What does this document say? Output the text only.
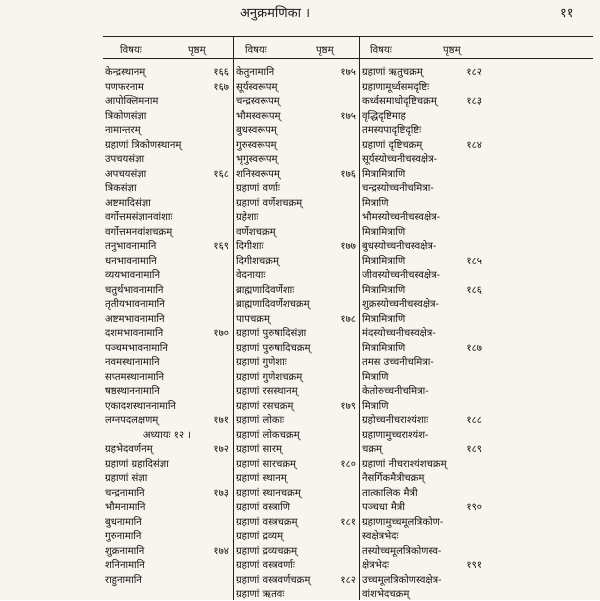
अनुक्रमणिका ।	११
विषयः	पृष्ठम्	विषयः	पृष्ठम्	विषयः	पृष्ठम्
केन्द्रस्थानम्	१६६
पणफरनाम	१६७
आपोक्लिमनाम
त्रिकोणसंज्ञा
नामान्तरम्
ग्रहाणां त्रिकोणस्थानम्
उपचयसंज्ञा
अपचयसंज्ञा	१६८
त्रिकसंज्ञा
अष्टमादिसंज्ञा
वर्गोत्तमसंज्ञानवांशाः
वर्गोत्तमनवांशचक्रम्
तनुभावनामानि	१६९
धनभावनामानि
व्ययभावनामानि
चतुर्थभावनामानि
तृतीयभावनामानि
अष्टमभावनामानि
दशमभावनामानि	१७०
पञ्चमभावनामानि
नवमस्थानामानि
सप्तमस्थानामानि
षष्ठस्थाननामानि
एकादशस्थाननामानि
लग्नपदलक्षणम्	१७१
अध्यायः १२ ।
ग्रहभेदवर्णनम्	१७२
ग्रहाणां ग्रहादिसंज्ञा
ग्रहाणां संज्ञा
चन्द्रनामानि	१७३
भौमनामानि
बुधनामानि
गुरुनामानि
शुक्रनामानि	१७४
शनिनामानि
राहुनामानि
केतुनामानि	१७५
सूर्यस्वरूपम्
चन्द्रस्वरूपम्
भौमस्वरूपम्	१७५
बुधस्वरूपम्
गुरुस्वरूपम्
भृगुस्वरूपम्
शनिस्वरूपम्	१७६
ग्रहाणां वर्णाः
ग्रहाणां वर्णेशचक्रम्
ग्रहेशाः
वर्णेशचक्रम्
दिगीशाः	१७७
दिगीशचक्रम्
वेदनायाः
ब्राह्मणादिवर्णेशाः
ब्राह्मणादिवर्णेशचक्रम्
पापचक्रम्	१७८
ग्रहाणां पुरुषादिसंज्ञा
ग्रहाणां पुरुषादिचक्रम्
ग्रहाणां गुणेशाः
ग्रहाणां गुणेशचक्रम्
ग्रहाणां रसस्थानम्
ग्रहाणां रसचक्रम्	१७९
ग्रहाणां लोकाः
ग्रहाणां लोकचक्रम्
ग्रहाणां सारम्
ग्रहाणां सारचक्रम्	१८०
ग्रहाणां स्थानम्
ग्रहाणां स्थानचक्रम्
ग्रहाणां वस्त्राणि
ग्रहाणां वस्त्रचक्रम्	१८१
ग्रहाणां द्रव्यम्
ग्रहाणां द्रव्यचक्रम्
ग्रहाणां वस्त्रवर्णाः
ग्रहाणां वस्त्रवर्णचक्रम्	१८२
ग्रहाणां ऋतवः
ग्रहाणां ऋतुचक्रम्	१८२
ग्रहाणामूर्ध्वसमदृष्टिः
कर्ध्वसमाधोदृष्टिचक्रम्	१८३
वृद्धिदृष्टिमाह
तमस्यपादृष्टिदृष्टिः
ग्रहाणां दृष्टिचक्रम्	१८४
सूर्यस्योच्चनीचस्वक्षेत्र-
मित्रामित्राणि
चन्द्रस्योच्चनीचमित्रा-
मित्राणि
भौमस्योच्चनीचस्वक्षेत्र-
मित्रामित्राणि
बुधस्योच्चनीचस्वक्षेत्र-
मित्रामित्राणि	१८५
जीवस्योच्चनीचस्वक्षेत्र-
मित्रामित्राणि	१८६
शुक्रस्योच्चनीचस्वक्षेत्र-
मित्रामित्राणि
मंदस्योच्चनीचस्वक्षेत्र-
मित्रामित्राणि	१८७
तमस उच्चनीचमित्रा-
मित्राणि
केतोरुच्चनीचमित्रा-
मित्राणि
ग्रहोच्चनीचराश्यंशाः	१८८
ग्रहाणामुच्चराश्यंश-
चक्रम्	१८९
ग्रहाणां नीचराश्यंशचक्रम्
नैसर्गिकमैत्रीचक्रम्
तात्कालिक मैत्री
पञ्चधा मैत्री	१९०
ग्रहाणामुच्चमूलत्रिकोण-
स्वक्षेत्रभेदः
तस्योच्चमूलत्रिकोणस्व-
क्षेत्रभेदः	१९१
उच्चमूलत्रिकोणस्वक्षेत्र-
वांशभेदचक्रम्
